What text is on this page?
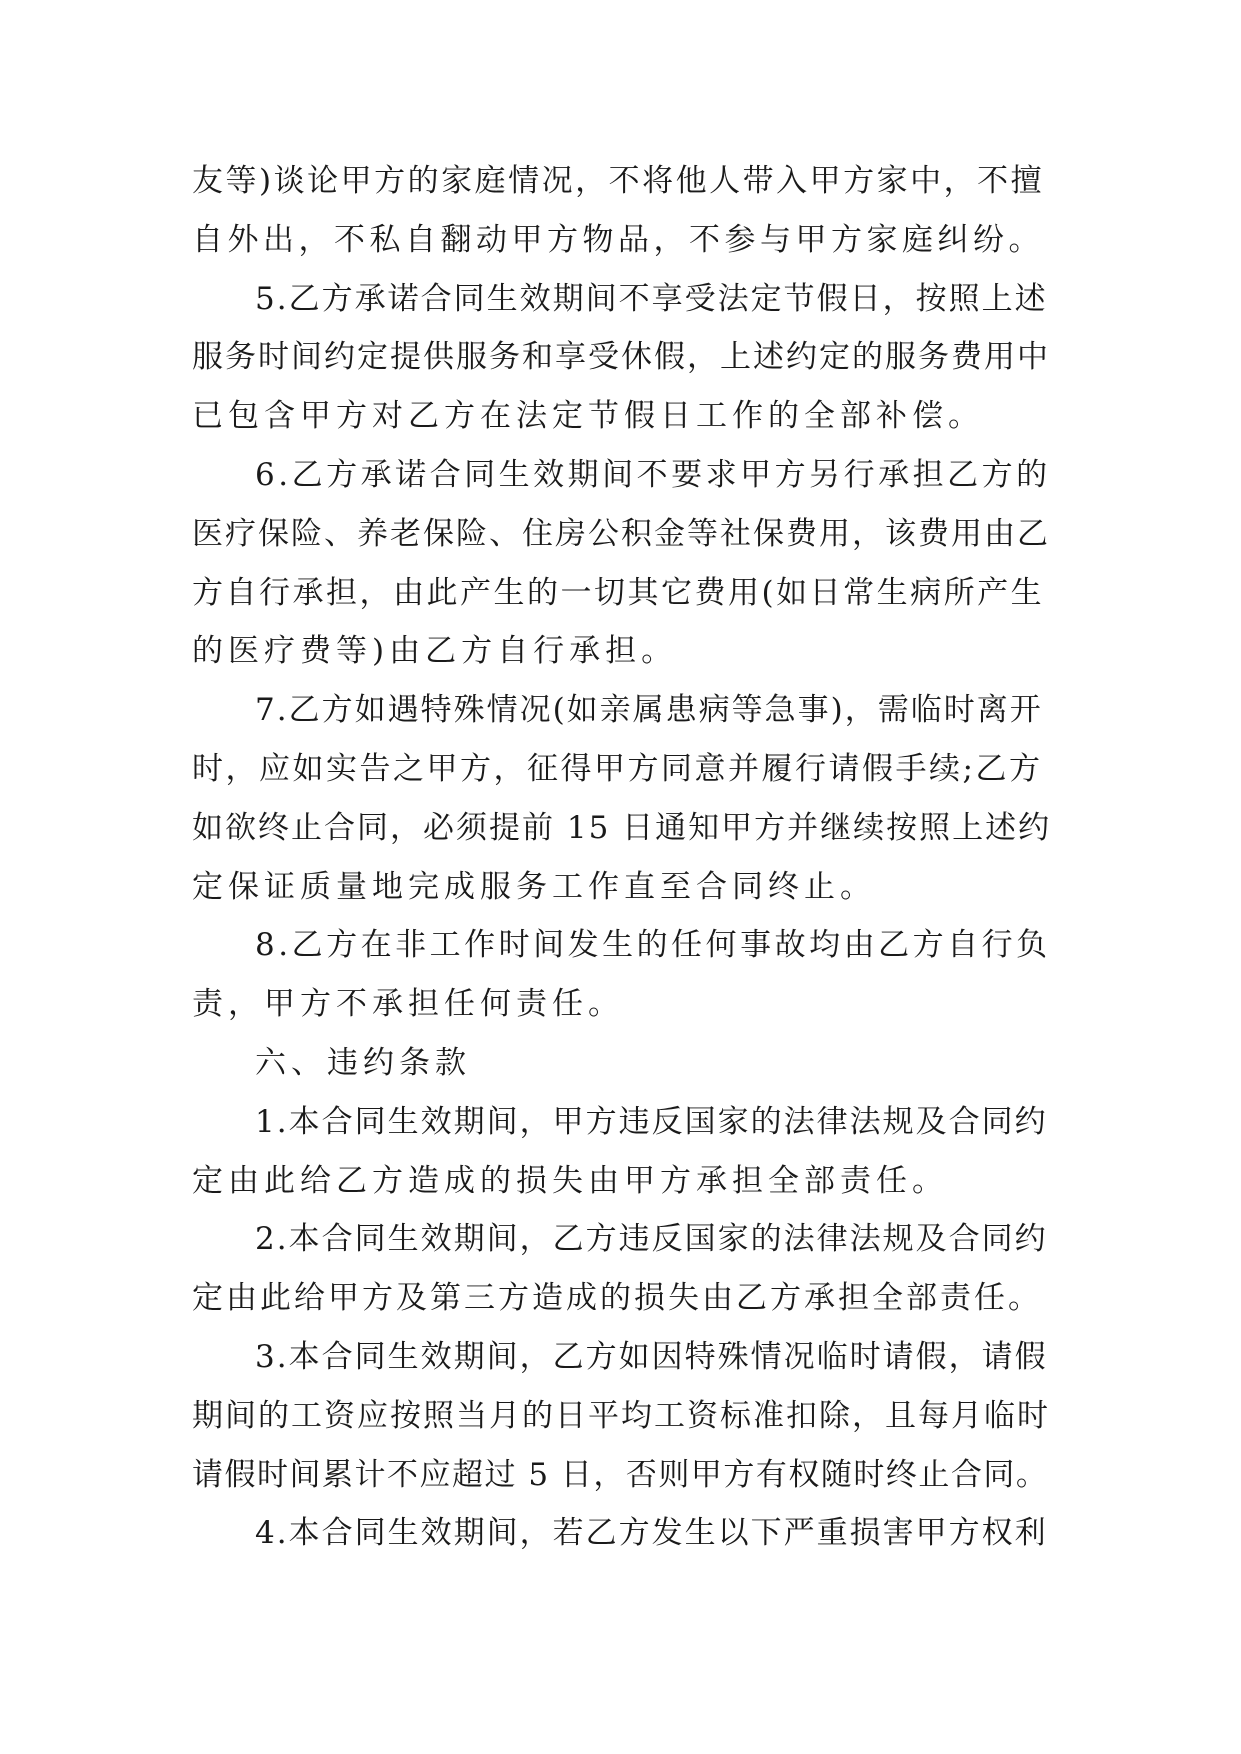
友等)谈论甲方的家庭情况，不将他人带入甲方家中，不擅
自外出，不私自翻动甲方物品，不参与甲方家庭纠纷。
5.乙方承诺合同生效期间不享受法定节假日，按照上述
服务时间约定提供服务和享受休假，上述约定的服务费用中
已包含甲方对乙方在法定节假日工作的全部补偿。
6.乙方承诺合同生效期间不要求甲方另行承担乙方的
医疗保险、养老保险、住房公积金等社保费用，该费用由乙
方自行承担，由此产生的一切其它费用(如日常生病所产生
的医疗费等)由乙方自行承担。
7.乙方如遇特殊情况(如亲属患病等急事)，需临时离开
时，应如实告之甲方，征得甲方同意并履行请假手续;乙方
如欲终止合同，必须提前 15 日通知甲方并继续按照上述约
定保证质量地完成服务工作直至合同终止。
8.乙方在非工作时间发生的任何事故均由乙方自行负
责，甲方不承担任何责任。
六、违约条款
1.本合同生效期间，甲方违反国家的法律法规及合同约
定由此给乙方造成的损失由甲方承担全部责任。
2.本合同生效期间，乙方违反国家的法律法规及合同约
定由此给甲方及第三方造成的损失由乙方承担全部责任。
3.本合同生效期间，乙方如因特殊情况临时请假，请假
期间的工资应按照当月的日平均工资标准扣除，且每月临时
请假时间累计不应超过 5 日，否则甲方有权随时终止合同。
4.本合同生效期间，若乙方发生以下严重损害甲方权利
